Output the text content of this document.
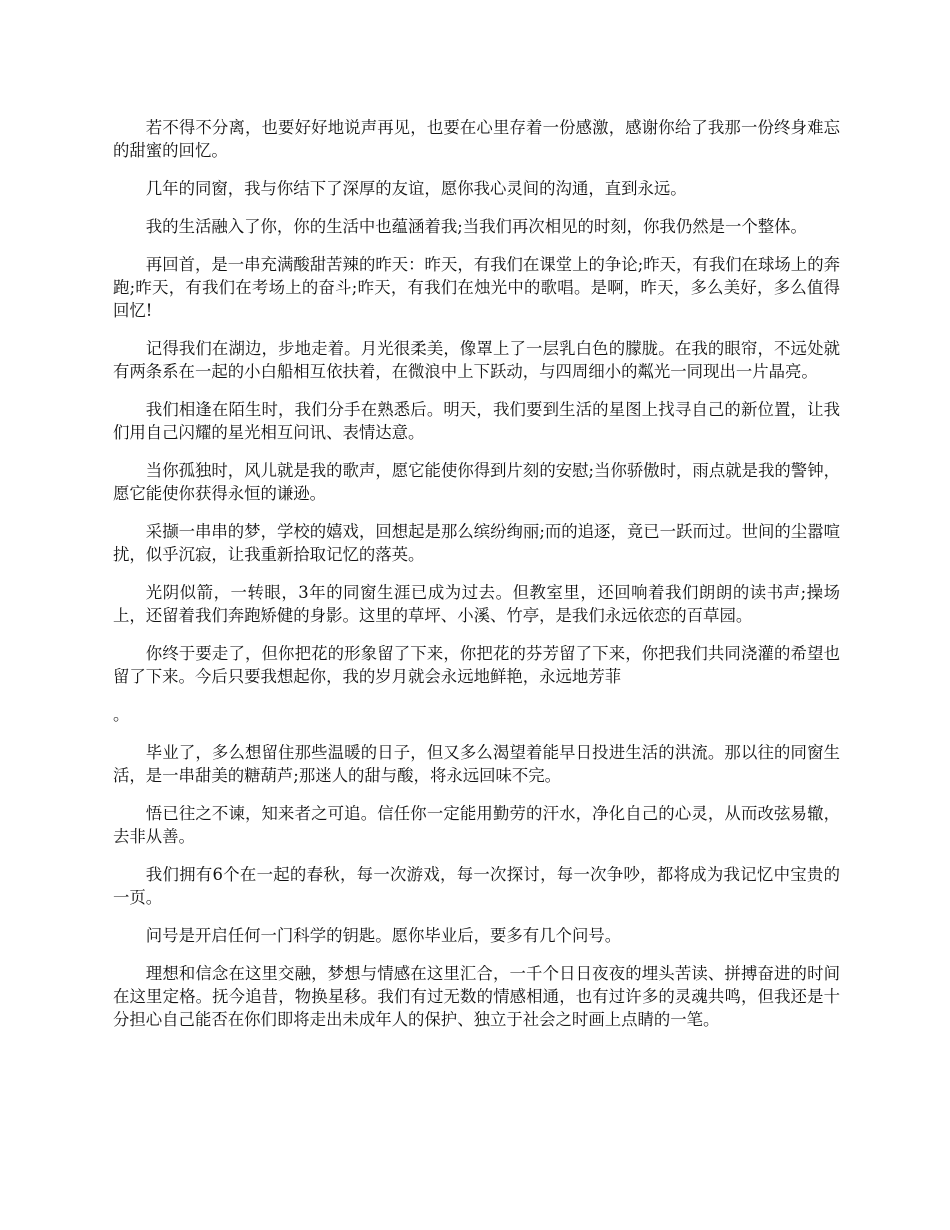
若不得不分离，也要好好地说声再见，也要在心里存着一份感激，感谢你给了我那一份终身难忘的甜蜜的回忆。

几年的同窗，我与你结下了深厚的友谊，愿你我心灵间的沟通，直到永远。

我的生活融入了你，你的生活中也蕴涵着我;当我们再次相见的时刻，你我仍然是一个整体。

再回首，是一串充满酸甜苦辣的昨天：昨天，有我们在课堂上的争论;昨天，有我们在球场上的奔跑;昨天，有我们在考场上的奋斗;昨天，有我们在烛光中的歌唱。是啊，昨天，多么美好，多么值得回忆!

记得我们在湖边，步地走着。月光很柔美，像罩上了一层乳白色的朦胧。在我的眼帘，不远处就有两条系在一起的小白船相互依扶着，在微浪中上下跃动，与四周细小的粼光一同现出一片晶亮。

我们相逢在陌生时，我们分手在熟悉后。明天，我们要到生活的星图上找寻自己的新位置，让我们用自己闪耀的星光相互问讯、表情达意。

当你孤独时，风儿就是我的歌声，愿它能使你得到片刻的安慰;当你骄傲时，雨点就是我的警钟，愿它能使你获得永恒的谦逊。

采撷一串串的梦，学校的嬉戏，回想起是那么缤纷绚丽;而的追逐，竟已一跃而过。世间的尘嚣喧扰，似乎沉寂，让我重新拾取记忆的落英。

光阴似箭，一转眼，3年的同窗生涯已成为过去。但教室里，还回响着我们朗朗的读书声;操场上，还留着我们奔跑矫健的身影。这里的草坪、小溪、竹亭，是我们永远依恋的百草园。

你终于要走了，但你把花的形象留了下来，你把花的芬芳留了下来，你把我们共同浇灌的希望也留了下来。今后只要我想起你，我的岁月就会永远地鲜艳，永远地芳菲

。

毕业了，多么想留住那些温暖的日子，但又多么渴望着能早日投进生活的洪流。那以往的同窗生活，是一串甜美的糖葫芦;那迷人的甜与酸，将永远回味不完。

悟已往之不谏，知来者之可追。信任你一定能用勤劳的汗水，净化自己的心灵，从而改弦易辙，去非从善。

我们拥有6个在一起的春秋，每一次游戏，每一次探讨，每一次争吵，都将成为我记忆中宝贵的一页。

问号是开启任何一门科学的钥匙。愿你毕业后，要多有几个问号。

理想和信念在这里交融，梦想与情感在这里汇合，一千个日日夜夜的埋头苦读、拼搏奋进的时间在这里定格。抚今追昔，物换星移。我们有过无数的情感相通，也有过许多的灵魂共鸣，但我还是十分担心自己能否在你们即将走出未成年人的保护、独立于社会之时画上点睛的一笔。
